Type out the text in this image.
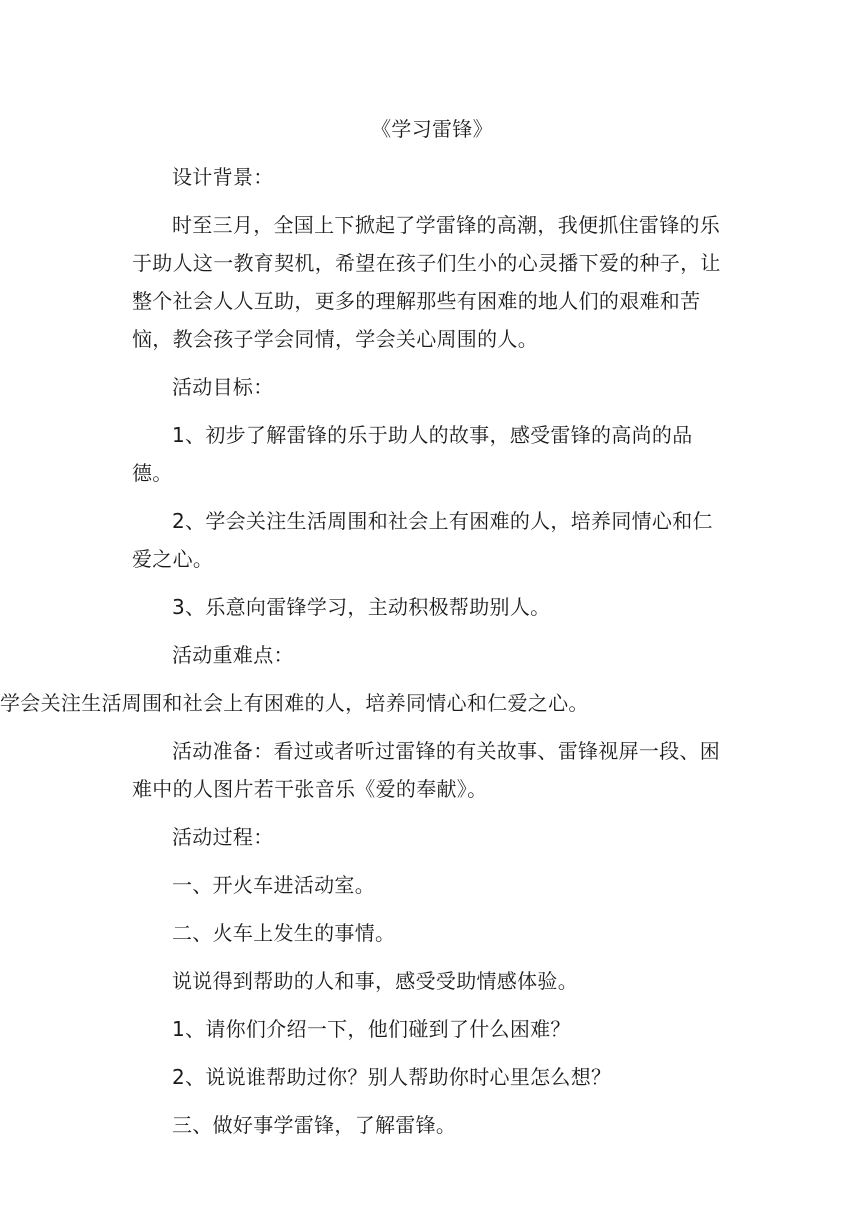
《学习雷锋》
设计背景：
时至三月，全国上下掀起了学雷锋的高潮，我便抓住雷锋的乐于助人这一教育契机，希望在孩子们生小的心灵播下爱的种子，让整个社会人人互助，更多的理解那些有困难的地人们的艰难和苦恼，教会孩子学会同情，学会关心周围的人。
活动目标：
1、初步了解雷锋的乐于助人的故事，感受雷锋的高尚的品德。
2、学会关注生活周围和社会上有困难的人，培养同情心和仁爱之心。
3、乐意向雷锋学习，主动积极帮助别人。
活动重难点：
学会关注生活周围和社会上有困难的人，培养同情心和仁爱之心。
活动准备：看过或者听过雷锋的有关故事、雷锋视屏一段、困难中的人图片若干张音乐《爱的奉献》。
活动过程：
一、开火车进活动室。
二、火车上发生的事情。
说说得到帮助的人和事，感受受助情感体验。
1、请你们介绍一下，他们碰到了什么困难？
2、说说谁帮助过你？别人帮助你时心里怎么想？
三、做好事学雷锋，了解雷锋。
